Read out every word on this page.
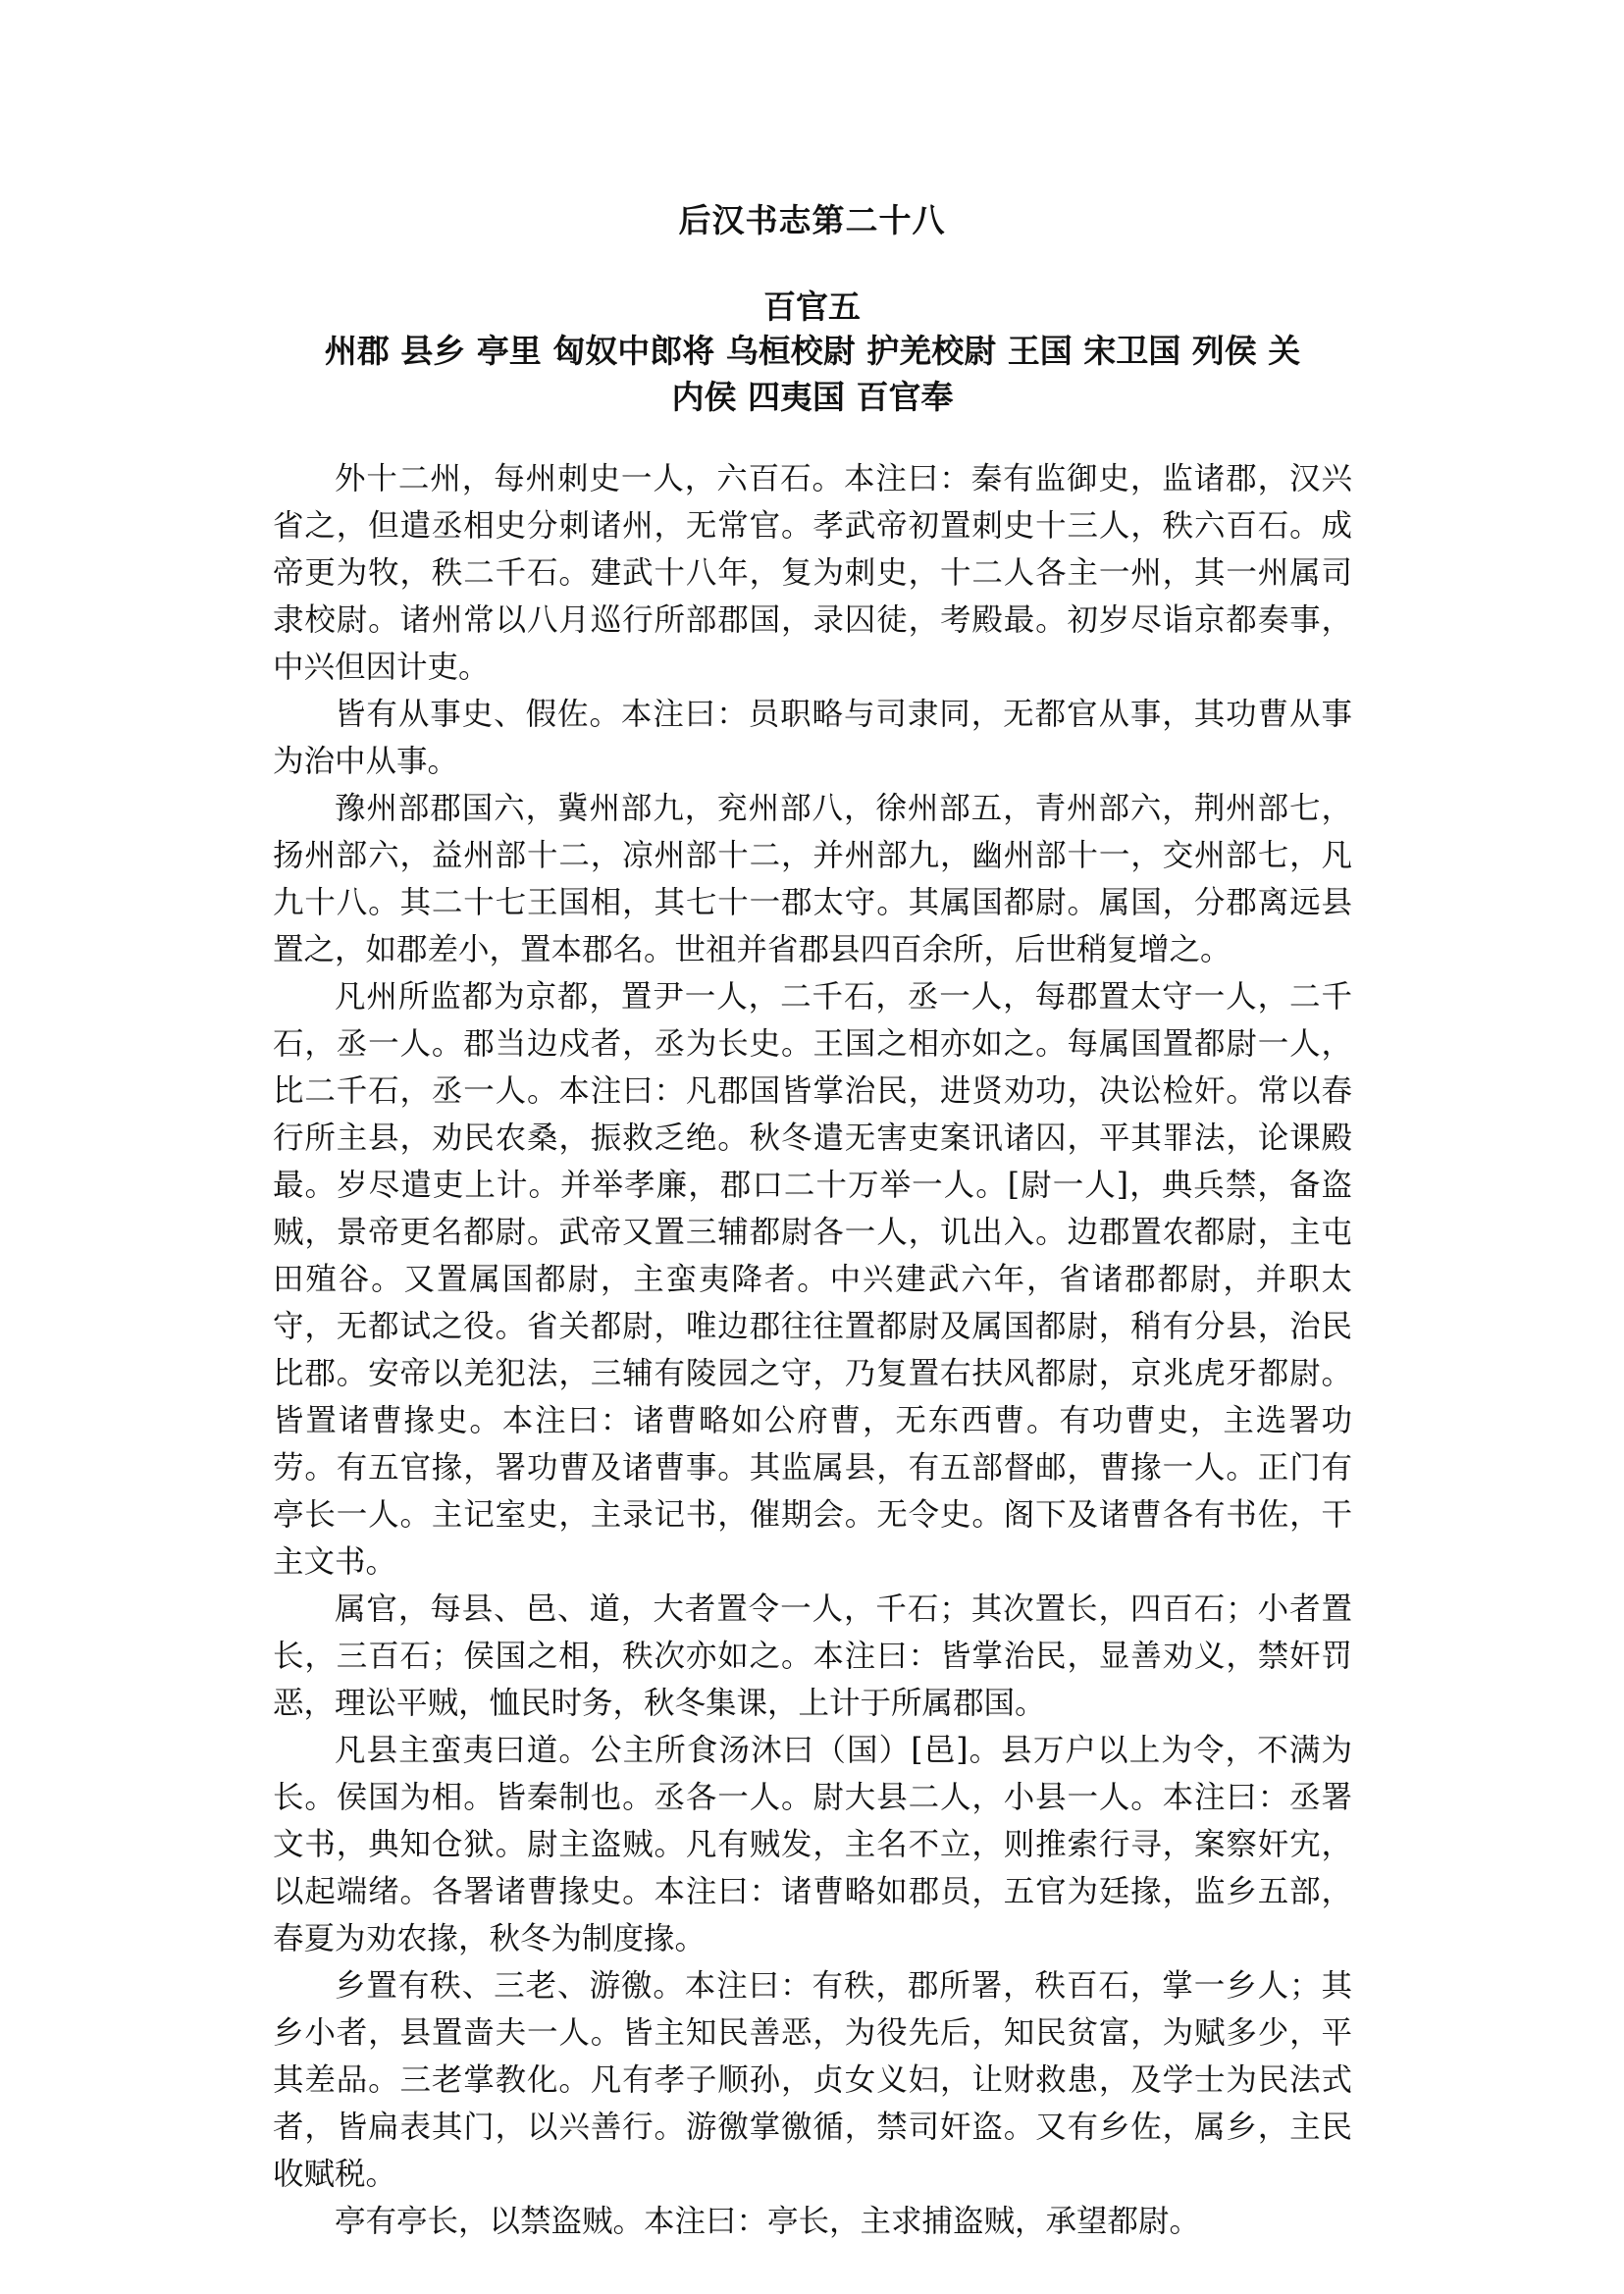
后汉书志第二十八
百官五
州郡 县乡 亭里 匈奴中郎将 乌桓校尉 护羌校尉 王国 宋卫国 列侯 关内侯 四夷国 百官奉

外十二州，每州刺史一人，六百石。本注曰：秦有监御史，监诸郡，汉兴省之，但遣丞相史分刺诸州，无常官。孝武帝初置刺史十三人，秩六百石。成帝更为牧，秩二千石。建武十八年，复为刺史，十二人各主一州，其一州属司隶校尉。诸州常以八月巡行所部郡国，录囚徒，考殿最。初岁尽诣京都奏事，中兴但因计吏。

皆有从事史、假佐。本注曰：员职略与司隶同，无都官从事，其功曹从事为治中从事。

豫州部郡国六，冀州部九，兖州部八，徐州部五，青州部六，荆州部七，扬州部六，益州部十二，凉州部十二，并州部九，幽州部十一，交州部七，凡九十八。其二十七王国相，其七十一郡太守。其属国都尉。属国，分郡离远县置之，如郡差小，置本郡名。世祖并省郡县四百余所，后世稍复增之。

凡州所监都为京都，置尹一人，二千石，丞一人，每郡置太守一人，二千石，丞一人。郡当边戍者，丞为长史。王国之相亦如之。每属国置都尉一人，比二千石，丞一人。本注曰：凡郡国皆掌治民，进贤劝功，决讼检奸。常以春行所主县，劝民农桑，振救乏绝。秋冬遣无害吏案讯诸囚，平其罪法，论课殿最。岁尽遣吏上计。并举孝廉，郡口二十万举一人。[尉一人]，典兵禁，备盗贼，景帝更名都尉。武帝又置三辅都尉各一人，讥出入。边郡置农都尉，主屯田殖谷。又置属国都尉，主蛮夷降者。中兴建武六年，省诸郡都尉，并职太守，无都试之役。省关都尉，唯边郡往往置都尉及属国都尉，稍有分县，治民比郡。安帝以羌犯法，三辅有陵园之守，乃复置右扶风都尉，京兆虎牙都尉。皆置诸曹掾史。本注曰：诸曹略如公府曹，无东西曹。有功曹史，主选署功劳。有五官掾，署功曹及诸曹事。其监属县，有五部督邮，曹掾一人。正门有亭长一人。主记室史，主录记书，催期会。无令史。阁下及诸曹各有书佐，干主文书。

属官，每县、邑、道，大者置令一人，千石；其次置长，四百石；小者置长，三百石；侯国之相，秩次亦如之。本注曰：皆掌治民，显善劝义，禁奸罚恶，理讼平贼，恤民时务，秋冬集课，上计于所属郡国。

凡县主蛮夷曰道。公主所食汤沐曰（国）[邑]。县万户以上为令，不满为长。侯国为相。皆秦制也。丞各一人。尉大县二人，小县一人。本注曰：丞署文书，典知仓狱。尉主盗贼。凡有贼发，主名不立，则推索行寻，案察奸宄，以起端绪。各署诸曹掾史。本注曰：诸曹略如郡员，五官为廷掾，监乡五部，春夏为劝农掾，秋冬为制度掾。

乡置有秩、三老、游徼。本注曰：有秩，郡所署，秩百石，掌一乡人；其乡小者，县置啬夫一人。皆主知民善恶，为役先后，知民贫富，为赋多少，平其差品。三老掌教化。凡有孝子顺孙，贞女义妇，让财救患，及学士为民法式者，皆扁表其门，以兴善行。游徼掌徼循，禁司奸盗。又有乡佐，属乡，主民收赋税。

亭有亭长，以禁盗贼。本注曰：亭长，主求捕盗贼，承望都尉。
